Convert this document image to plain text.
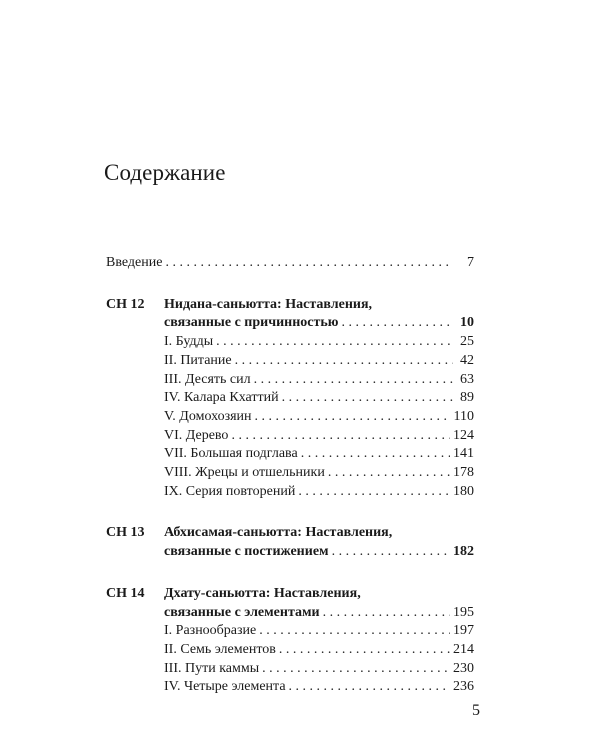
Содержание
Введение . . .	7
СН 12	Нидана-саньютта: Наставления,
связанные с причинностью . . .	10
I. Будды . . .	25
II. Питание . . .	42
III. Десять сил . . .	63
IV. Калара Кхаттий . . .	89
V. Домохозяин . . .	110
VI. Дерево . . .	124
VII. Большая подглава . . .	141
VIII. Жрецы и отшельники . . .	178
IX. Серия повторений . . .	180
СН 13	Абхисамая-саньютта: Наставления,
связанные с постижением . . .	182
СН 14	Дхату-саньютта: Наставления,
связанные с элементами . . .	195
I. Разнообразие . . .	197
II. Семь элементов . . .	214
III. Пути каммы . . .	230
IV. Четыре элемента . . .	236
5
